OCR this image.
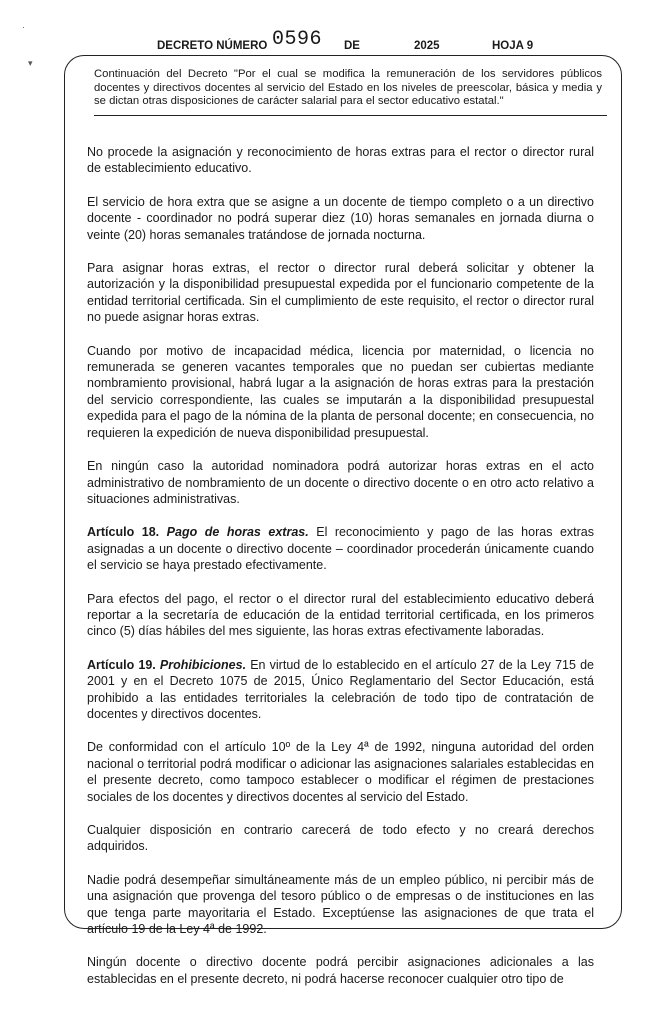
DECRETO NÚMERO 0596 DE	2025	HOJA 9
Continuación del Decreto "Por el cual se modifica la remuneración de los servidores públicos docentes y directivos docentes al servicio del Estado en los niveles de preescolar, básica y media y se dictan otras disposiciones de carácter salarial para el sector educativo estatal."

No procede la asignación y reconocimiento de horas extras para el rector o director rural de establecimiento educativo.

El servicio de hora extra que se asigne a un docente de tiempo completo o a un directivo docente - coordinador no podrá superar diez (10) horas semanales en jornada diurna o veinte (20) horas semanales tratándose de jornada nocturna.

Para asignar horas extras, el rector o director rural deberá solicitar y obtener la autorización y la disponibilidad presupuestal expedida por el funcionario competente de la entidad territorial certificada. Sin el cumplimiento de este requisito, el rector o director rural no puede asignar horas extras.

Cuando por motivo de incapacidad médica, licencia por maternidad, o licencia no remunerada se generen vacantes temporales que no puedan ser cubiertas mediante nombramiento provisional, habrá lugar a la asignación de horas extras para la prestación del servicio correspondiente, las cuales se imputarán a la disponibilidad presupuestal expedida para el pago de la nómina de la planta de personal docente; en consecuencia, no requieren la expedición de nueva disponibilidad presupuestal.

En ningún caso la autoridad nominadora podrá autorizar horas extras en el acto administrativo de nombramiento de un docente o directivo docente o en otro acto relativo a situaciones administrativas.

Artículo 18. Pago de horas extras. El reconocimiento y pago de las horas extras asignadas a un docente o directivo docente – coordinador procederán únicamente cuando el servicio se haya prestado efectivamente.

Para efectos del pago, el rector o el director rural del establecimiento educativo deberá reportar a la secretaría de educación de la entidad territorial certificada, en los primeros cinco (5) días hábiles del mes siguiente, las horas extras efectivamente laboradas.

Artículo 19. Prohibiciones. En virtud de lo establecido en el artículo 27 de la Ley 715 de 2001 y en el Decreto 1075 de 2015, Único Reglamentario del Sector Educación, está prohibido a las entidades territoriales la celebración de todo tipo de contratación de docentes y directivos docentes.

De conformidad con el artículo 10º de la Ley 4ª de 1992, ninguna autoridad del orden nacional o territorial podrá modificar o adicionar las asignaciones salariales establecidas en el presente decreto, como tampoco establecer o modificar el régimen de prestaciones sociales de los docentes y directivos docentes al servicio del Estado.

Cualquier disposición en contrario carecerá de todo efecto y no creará derechos adquiridos.

Nadie podrá desempeñar simultáneamente más de un empleo público, ni percibir más de una asignación que provenga del tesoro público o de empresas o de instituciones en las que tenga parte mayoritaria el Estado. Exceptúense las asignaciones de que trata el artículo 19 de la Ley 4ª de 1992.

Ningún docente o directivo docente podrá percibir asignaciones adicionales a las establecidas en el presente decreto, ni podrá hacerse reconocer cualquier otro tipo de

·
▾
